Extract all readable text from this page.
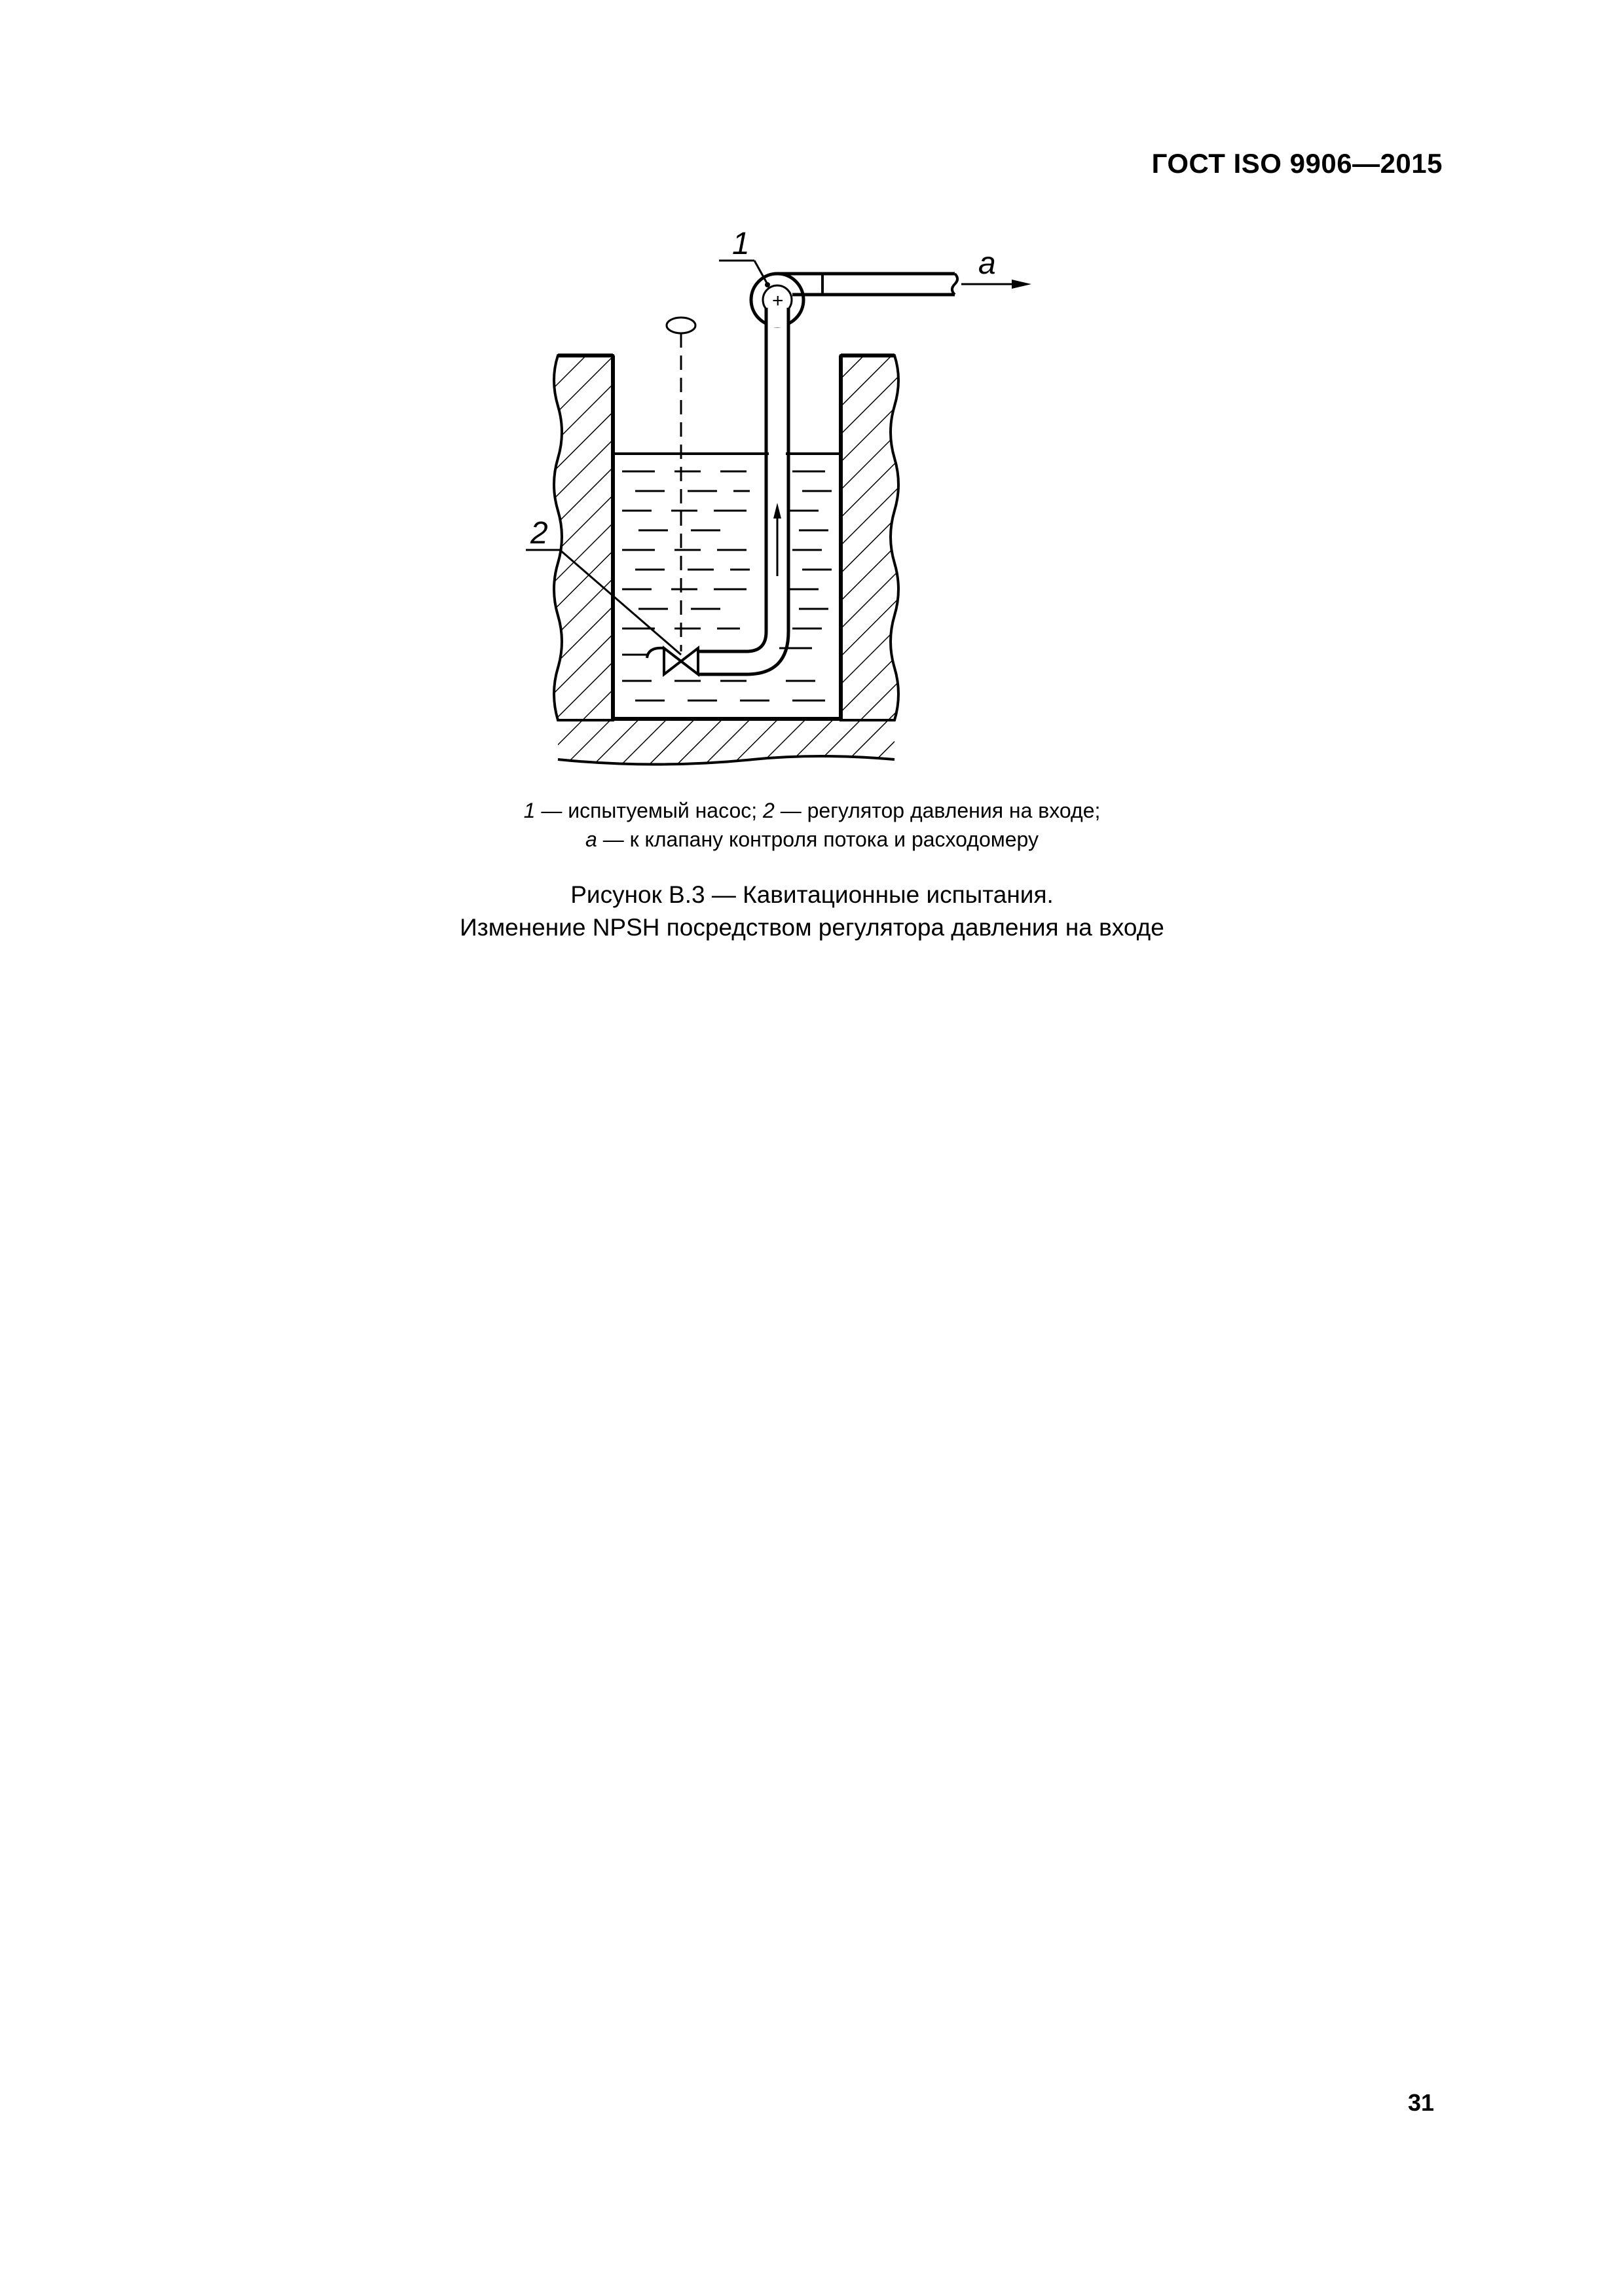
ГОСТ ISO 9906—2015
+
a
1
2
1 — испытуемый насос; 2 — регулятор давления на входе;
a — к клапану контроля потока и расходомеру
Рисунок B.3 — Кавитационные испытания.
Изменение NPSH посредством регулятора давления на входе
31
